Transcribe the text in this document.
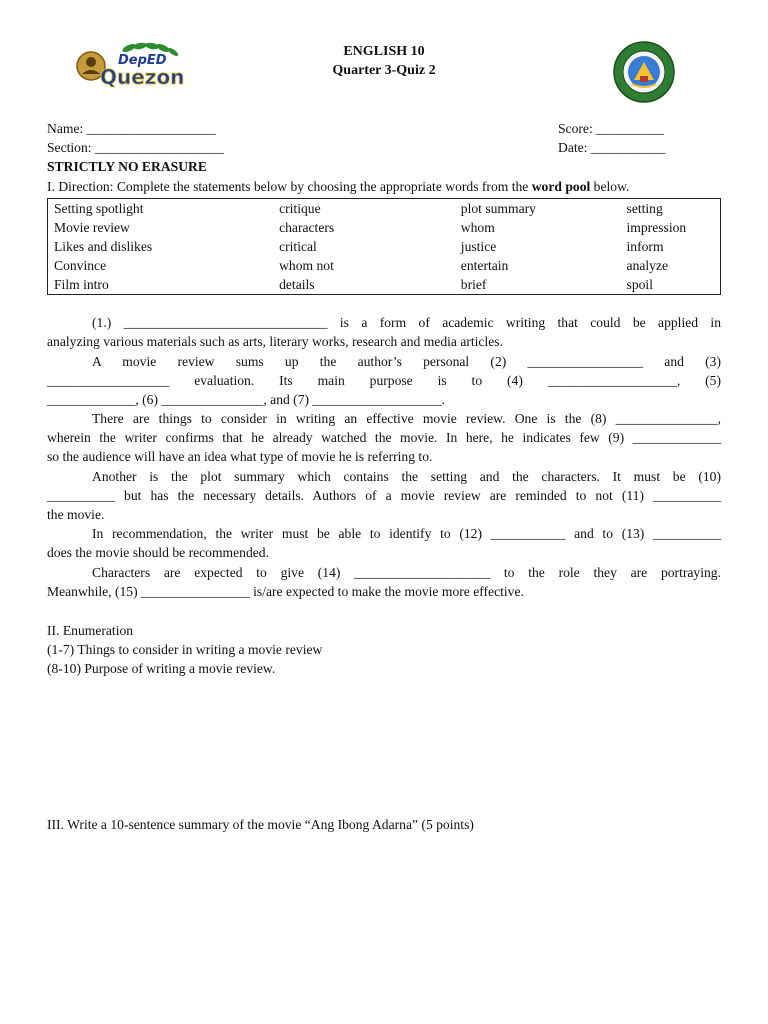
DepED
Quezon
ENGLISH 10
Quarter 3-Quiz 2
Name: ___________________	Score: __________
Section: ___________________	Date: ___________
STRICTLY NO ERASURE
I. Direction: Complete the statements below by choosing the appropriate words from the word pool below.
Setting spotlight	critique	plot summary	setting
Movie review	characters	whom	impression
Likes and dislikes	critical	justice	inform
Convince	whom not	entertain	analyze
Film intro	details	brief	spoil
(1.) ______________________________ is a form of academic writing that could be applied in
analyzing various materials such as arts, literary works, research and media articles.
A movie review sums up the author’s personal (2) _________________ and (3)
__________________ evaluation. Its main purpose is to (4) ___________________, (5)
_____________, (6) _______________, and (7) ___________________.
There are things to consider in writing an effective movie review. One is the (8) _______________,
wherein the writer confirms that he already watched the movie. In here, he indicates few (9) _____________
so the audience will have an idea what type of movie he is referring to.
Another is the plot summary which contains the setting and the characters. It must be (10)
__________ but has the necessary details. Authors of a movie review are reminded to not (11) __________
the movie.
In recommendation, the writer must be able to identify to (12) ___________ and to (13) __________
does the movie should be recommended.
Characters are expected to give (14) ____________________ to the role they are portraying.
Meanwhile, (15) ________________ is/are expected to make the movie more effective.
II. Enumeration
(1-7) Things to consider in writing a movie review
(8-10) Purpose of writing a movie review.
III. Write a 10-sentence summary of the movie “Ang Ibong Adarna” (5 points)
